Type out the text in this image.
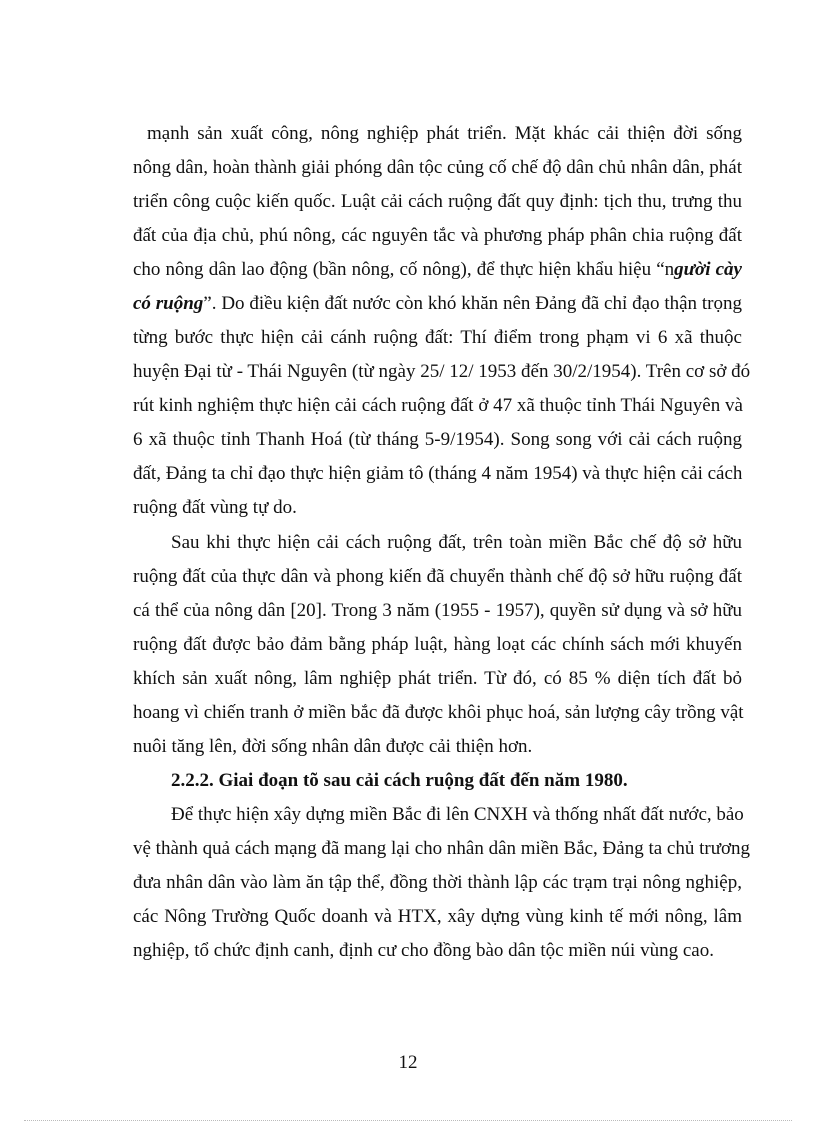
mạnh sản xuất công, nông nghiệp phát triển. Mặt khác cải thiện đời sống
nông dân, hoàn thành giải phóng dân tộc củng cố chế độ dân chủ nhân dân, phát
triển công cuộc kiến quốc. Luật cải cách ruộng đất quy định: tịch thu, trưng thu
đất của địa chủ, phú nông, các nguyên tắc và phương pháp phân chia ruộng đất
cho nông dân lao động (bần nông, cố nông), để thực hiện khẩu hiệu “người cày
có ruộng”. Do điều kiện đất nước còn khó khăn nên Đảng đã chỉ đạo thận trọng
từng bước thực hiện cải cánh ruộng đất: Thí điểm trong phạm vi 6 xã thuộc
huyện Đại từ - Thái Nguyên (từ ngày 25/ 12/ 1953 đến 30/2/1954). Trên cơ sở đó
rút kinh nghiệm thực hiện cải cách ruộng đất ở 47 xã thuộc tỉnh Thái Nguyên và
6 xã thuộc tỉnh Thanh Hoá (từ tháng 5-9/1954). Song song với cải cách ruộng
đất, Đảng ta chỉ đạo thực hiện giảm tô (tháng 4 năm 1954) và thực hiện cải cách
ruộng đất vùng tự do.
Sau khi thực hiện cải cách ruộng đất, trên toàn miền Bắc chế độ sở hữu
ruộng đất của thực dân và phong kiến đã chuyển thành chế độ sở hữu ruộng đất
cá thể của nông dân [20]. Trong 3 năm (1955 - 1957), quyền sử dụng và sở hữu
ruộng đất được bảo đảm bằng pháp luật, hàng loạt các chính sách mới khuyến
khích sản xuất nông, lâm nghiệp phát triển. Từ đó, có 85 % diện tích đất bỏ
hoang vì chiến tranh ở miền bắc đã được khôi phục hoá, sản lượng cây trồng vật
nuôi tăng lên, đời sống nhân dân được cải thiện hơn.
2.2.2. Giai đoạn tõ sau cải cách ruộng đất đến năm 1980.
Để thực hiện xây dựng miền Bắc đi lên CNXH và thống nhất đất nước, bảo
vệ thành quả cách mạng đã mang lại cho nhân dân miền Bắc, Đảng ta chủ trương
đưa nhân dân vào làm ăn tập thể, đồng thời thành lập các trạm trại nông nghiệp,
các Nông Trường Quốc doanh và HTX, xây dựng vùng kinh tế mới nông, lâm
nghiệp, tổ chức định canh, định cư cho đồng bào dân tộc miền núi vùng cao.
12
